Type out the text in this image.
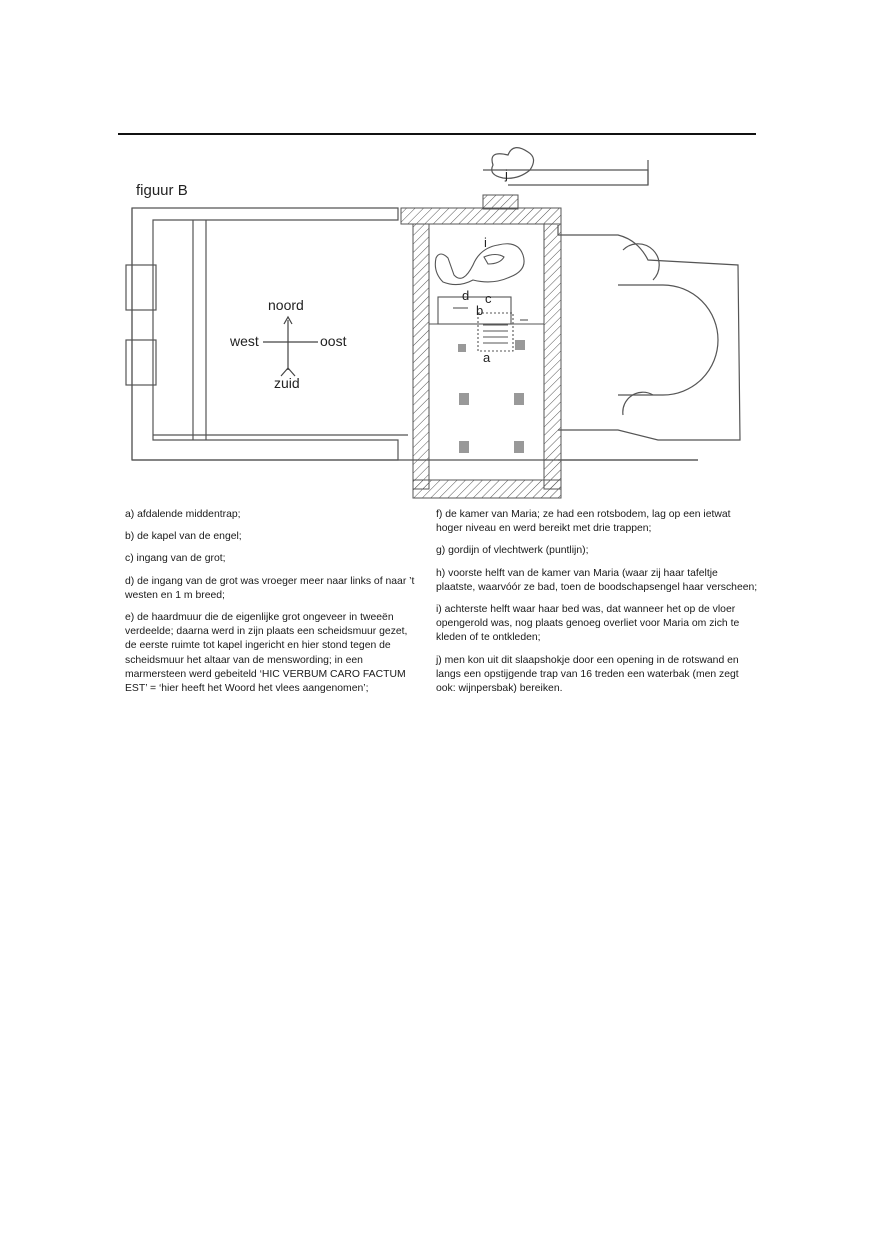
figuur B
noord
west	oost
zuid
a
b
c
d
i
j

a) afdalende middentrap;

b) de kapel van de engel;

c) ingang van de grot;

d) de ingang van de grot was vroeger meer naar links of naar ’t westen en 1 m breed;

e) de haardmuur die de eigenlijke grot ongeveer in tweeën verdeelde; daarna werd in zijn plaats een scheidsmuur gezet, de eerste ruimte tot kapel ingericht en hier stond tegen de scheidsmuur het altaar van de menswording; in een marmersteen werd gebeiteld ‘HIC VERBUM CARO FACTUM EST’ = ‘hier heeft het Woord het vlees aangenomen’;

f) de kamer van Maria; ze had een rotsbodem, lag op een ietwat hoger niveau en werd bereikt met drie trappen;

g) gordijn of vlechtwerk (puntlijn);

h) voorste helft van de kamer van Maria (waar zij haar tafeltje plaatste, waarvóór ze bad, toen de boodschapsengel haar verscheen;

i) achterste helft waar haar bed was, dat wanneer het op de vloer opengerold was, nog plaats genoeg overliet voor Maria om zich te kleden of te ontkleden;

j) men kon uit dit slaapshokje door een opening in de rotswand en langs een opstijgende trap van 16 treden een waterbak (men zegt ook: wijnpersbak) bereiken.
